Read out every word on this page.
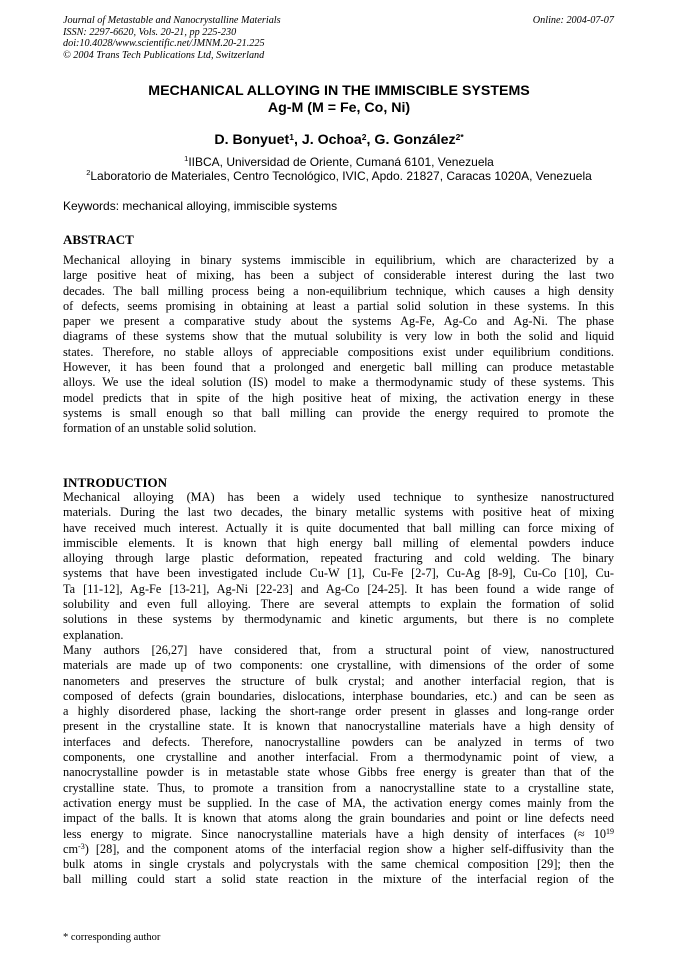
Journal of Metastable and Nanocrystalline Materials
ISSN: 2297-6620, Vols. 20-21, pp 225-230
doi:10.4028/www.scientific.net/JMNM.20-21.225
© 2004 Trans Tech Publications Ltd, Switzerland
Online: 2004-07-07
MECHANICAL ALLOYING IN THE IMMISCIBLE SYSTEMS
Ag-M (M = Fe, Co, Ni)
D. Bonyuet$^1$, J. Ochoa$^2$, G. González$^{2*}$
$^1$IIBCA, Universidad de Oriente, Cumaná 6101, Venezuela
$^2$Laboratorio de Materiales, Centro Tecnológico, IVIC, Apdo. 21827, Caracas 1020A, Venezuela
Keywords: mechanical alloying, immiscible systems
ABSTRACT
Mechanical alloying in binary systems immiscible in equilibrium, which are characterized by a
large positive heat of mixing, has been a subject of considerable interest during the last two
decades. The ball milling process being a non-equilibrium technique, which causes a high density
of defects, seems promising in obtaining at least a partial solid solution in these systems. In this
paper we present a comparative study about the systems Ag-Fe, Ag-Co and Ag-Ni. The phase
diagrams of these systems show that the mutual solubility is very low in both the solid and liquid
states. Therefore, no stable alloys of appreciable compositions exist under equilibrium conditions.
However, it has been found that a prolonged and energetic ball milling can produce metastable
alloys. We use the ideal solution (IS) model to make a thermodynamic study of these systems. This
model predicts that in spite of the high positive heat of mixing, the activation energy in these
systems is small enough so that ball milling can provide the energy required to promote the
formation of an unstable solid solution.
INTRODUCTION
Mechanical alloying (MA) has been a widely used technique to synthesize nanostructured
materials. During the last two decades, the binary metallic systems with positive heat of mixing
have received much interest. Actually it is quite documented that ball milling can force mixing of
immiscible elements. It is known that high energy ball milling of elemental powders induce
alloying through large plastic deformation, repeated fracturing and cold welding. The binary
systems that have been investigated include Cu-W [1], Cu-Fe [2-7], Cu-Ag [8-9], Cu-Co [10], Cu-
Ta [11-12], Ag-Fe [13-21], Ag-Ni [22-23] and Ag-Co [24-25]. It has been found a wide range of
solubility and even full alloying. There are several attempts to explain the formation of solid
solutions in these systems by thermodynamic and kinetic arguments, but there is no complete
explanation.
Many authors [26,27] have considered that, from a structural point of view, nanostructured
materials are made up of two components: one crystalline, with dimensions of the order of some
nanometers and preserves the structure of bulk crystal; and another interfacial region, that is
composed of defects (grain boundaries, dislocations, interphase boundaries, etc.) and can be seen as
a highly disordered phase, lacking the short-range order present in glasses and long-range order
present in the crystalline state. It is known that nanocrystalline materials have a high density of
interfaces and defects. Therefore, nanocrystalline powders can be analyzed in terms of two
components, one crystalline and another interfacial. From a thermodynamic point of view, a
nanocrystalline powder is in metastable state whose Gibbs free energy is greater than that of the
crystalline state. Thus, to promote a transition from a nanocrystalline state to a crystalline state,
activation energy must be supplied. In the case of MA, the activation energy comes mainly from the
impact of the balls. It is known that atoms along the grain boundaries and point or line defects need
less energy to migrate. Since nanocrystalline materials have a high density of interfaces (≈ $10^{19}$
$cm^{-3}$) [28], and the component atoms of the interfacial region show a higher self-diffusivity than the
bulk atoms in single crystals and polycrystals with the same chemical composition [29]; then the
ball milling could start a solid state reaction in the mixture of the interfacial region of the
* corresponding author
